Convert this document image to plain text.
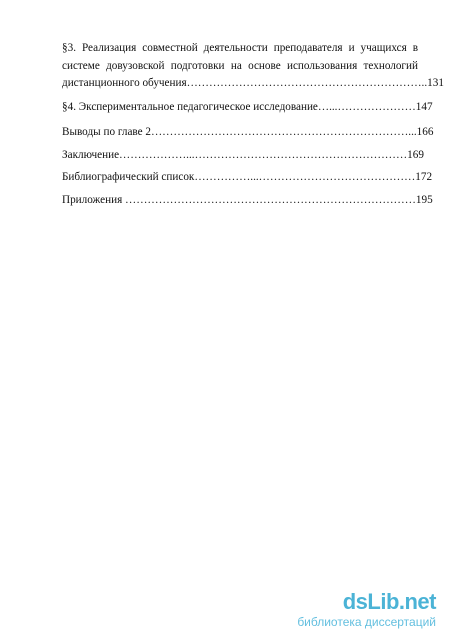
§3. Реализация совместной деятельности преподавателя и учащихся в

системе довузовской подготовки на основе использования технологий

дистанционного обучения………………………………………………………..131

§4. Экспериментальное педагогическое исследование…...…………………147

Выводы по главе 2……………………………………………………………...166

Заключение………………...…………………………………………………169

Библиографический список……………...……………………………………172

Приложения ……………………………………………………………………195

dsLib.net
библиотека диссертаций
